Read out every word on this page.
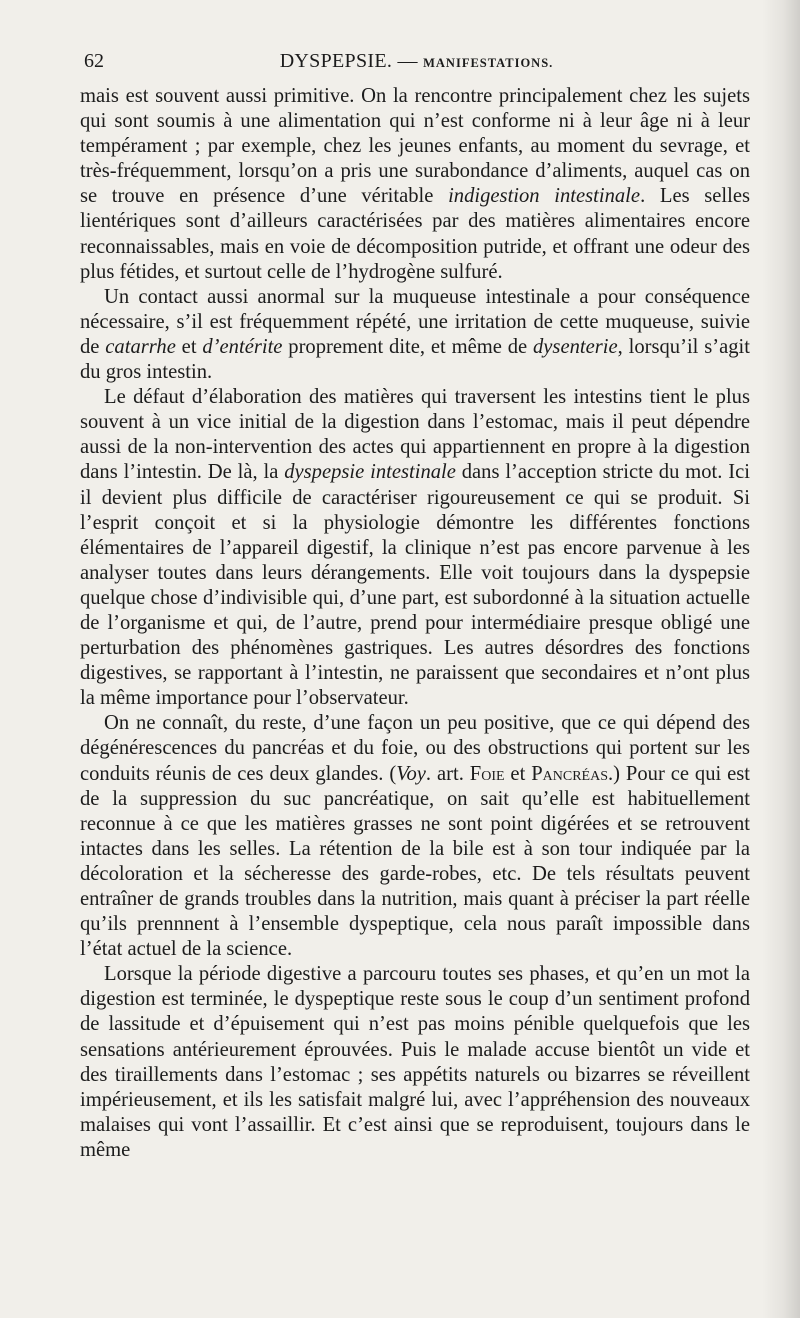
62	DYSPEPSIE. — MANIFESTATIONS.

mais est souvent aussi primitive. On la rencontre principalement chez les sujets qui sont soumis à une alimentation qui n’est conforme ni à leur âge ni à leur tempérament ; par exemple, chez les jeunes enfants, au moment du sevrage, et très-fréquemment, lorsqu’on a pris une surabondance d’aliments, auquel cas on se trouve en présence d’une véritable indigestion intestinale. Les selles lientériques sont d’ailleurs caractérisées par des matières alimentaires encore reconnaissables, mais en voie de décomposition putride, et offrant une odeur des plus fétides, et surtout celle de l’hydrogène sulfuré.

Un contact aussi anormal sur la muqueuse intestinale a pour conséquence nécessaire, s’il est fréquemment répété, une irritation de cette muqueuse, suivie de catarrhe et d’entérite proprement dite, et même de dysenterie, lorsqu’il s’agit du gros intestin.

Le défaut d’élaboration des matières qui traversent les intestins tient le plus souvent à un vice initial de la digestion dans l’estomac, mais il peut dépendre aussi de la non-intervention des actes qui appartiennent en propre à la digestion dans l’intestin. De là, la dyspepsie intestinale dans l’acception stricte du mot. Ici il devient plus difficile de caractériser rigoureusement ce qui se produit. Si l’esprit conçoit et si la physiologie démontre les différentes fonctions élémentaires de l’appareil digestif, la clinique n’est pas encore parvenue à les analyser toutes dans leurs dérangements. Elle voit toujours dans la dyspepsie quelque chose d’indivisible qui, d’une part, est subordonné à la situation actuelle de l’organisme et qui, de l’autre, prend pour intermédiaire presque obligé une perturbation des phénomènes gastriques. Les autres désordres des fonctions digestives, se rapportant à l’intestin, ne paraissent que secondaires et n’ont plus la même importance pour l’observateur.

On ne connaît, du reste, d’une façon un peu positive, que ce qui dépend des dégénérescences du pancréas et du foie, ou des obstructions qui portent sur les conduits réunis de ces deux glandes. (Voy. art. Foie et Pancréas.) Pour ce qui est de la suppression du suc pancréatique, on sait qu’elle est habituellement reconnue à ce que les matières grasses ne sont point digérées et se retrouvent intactes dans les selles. La rétention de la bile est à son tour indiquée par la décoloration et la sécheresse des garde-robes, etc. De tels résultats peuvent entraîner de grands troubles dans la nutrition, mais quant à préciser la part réelle qu’ils prennnent à l’ensemble dyspeptique, cela nous paraît impossible dans l’état actuel de la science.

Lorsque la période digestive a parcouru toutes ses phases, et qu’en un mot la digestion est terminée, le dyspeptique reste sous le coup d’un sentiment profond de lassitude et d’épuisement qui n’est pas moins pénible quelquefois que les sensations antérieurement éprouvées. Puis le malade accuse bientôt un vide et des tiraillements dans l’estomac ; ses appétits naturels ou bizarres se réveillent impérieusement, et ils les satisfait malgré lui, avec l’appréhension des nouveaux malaises qui vont l’assaillir. Et c’est ainsi que se reproduisent, toujours dans le même
